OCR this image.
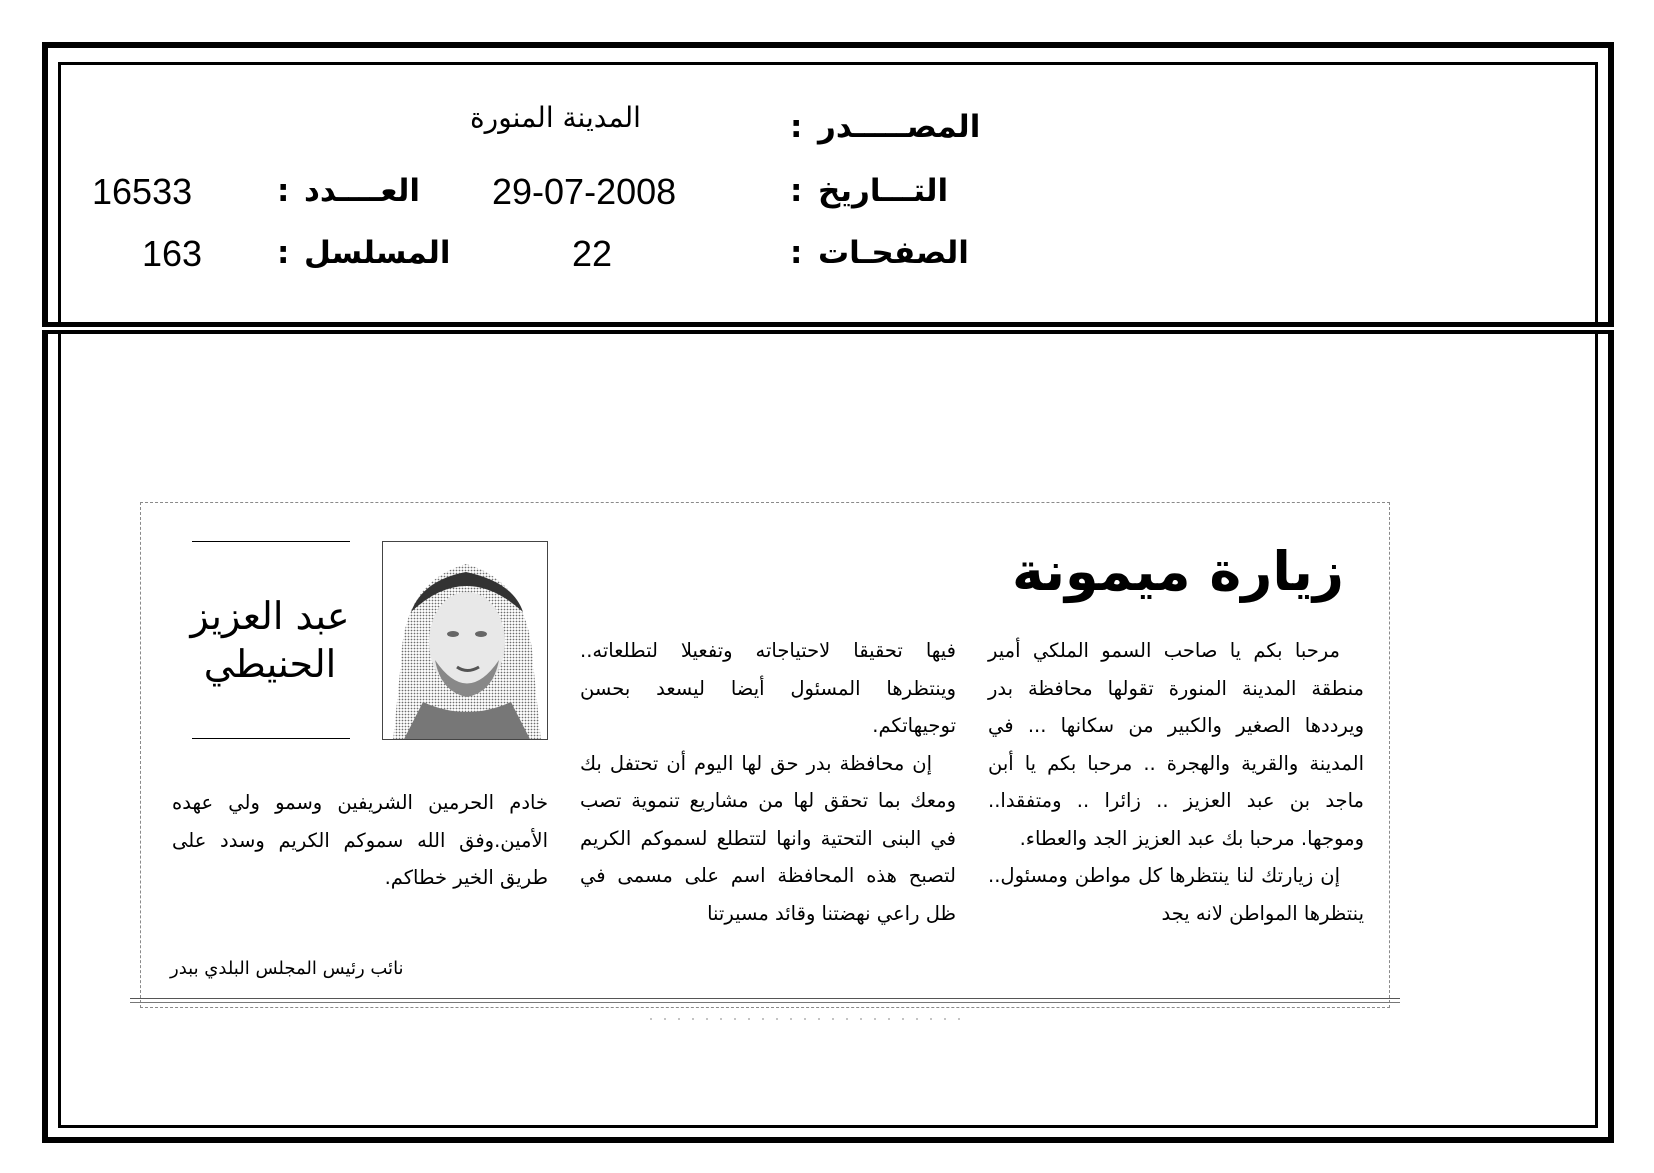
المصـــــدر
:
المدينة المنورة
التـــاريخ
:
29-07-2008
العــــدد
:
16533
الصفحـات
:
22
المسلسل
:
163
زيارة ميمونة

مرحبا بكم يا صاحب السمو الملكي أمير منطقة المدينة المنورة تقولها محافظة بدر ويرددها الصغير والكبير من سكانها ... في المدينة والقرية والهجرة .. مرحبا بكم يا أبن ماجد بن عبد العزيز .. زائرا .. ومتفقدا.. وموجها. مرحبا بك عبد العزيز الجد والعطاء.

إن زيارتك لنا ينتظرها كل مواطن ومسئول.. ينتظرها المواطن لانه يجد

فيها تحقيقا لاحتياجاته وتفعيلا لتطلعاته.. وينتظرها المسئول أيضا ليسعد بحسن توجيهاتكم.

إن محافظة بدر حق لها اليوم أن تحتفل بك ومعك بما تحقق لها من مشاريع تنموية تصب في البنى التحتية وانها لتتطلع لسموكم الكريم لتصبح هذه المحافظة اسم على مسمى في ظل راعي نهضتنا وقائد مسيرتنا

خادم الحرمين الشريفين وسمو ولي عهده الأمين.وفق الله سموكم الكريم وسدد على طريق الخير خطاكم.

عبد العزيز
الحنيطي
نائب رئيس المجلس البلدي ببدر
